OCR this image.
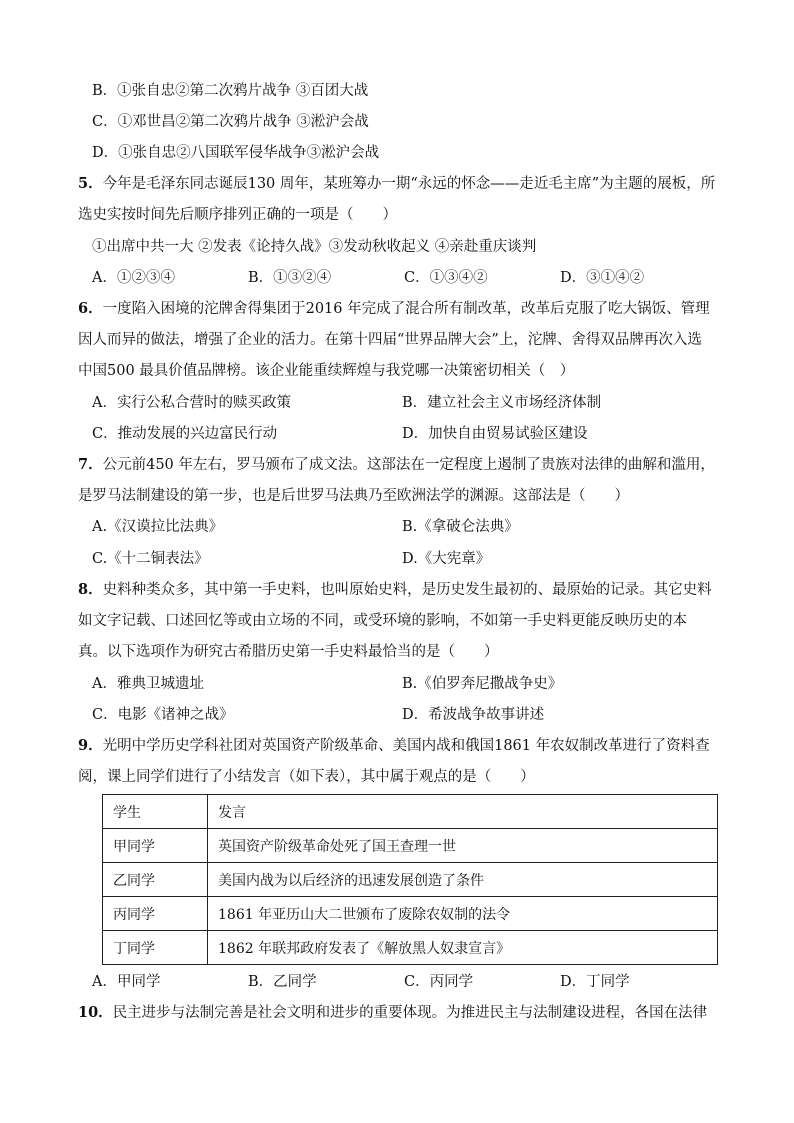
B．①张自忠②第二次鸦片战争 ③百团大战
C．①邓世昌②第二次鸦片战争 ③淞沪会战
D．①张自忠②八国联军侵华战争③淞沪会战
5．今年是毛泽东同志诞辰130 周年，某班筹办一期“永远的怀念——走近毛主席”为主题的展板，所
选史实按时间先后顺序排列正确的一项是（　　）
①出席中共一大 ②发表《论持久战》③发动秋收起义 ④亲赴重庆谈判
A．①②③④	B．①③②④	C．①③④②	D．③①④②
6．一度陷入困境的沱牌舍得集团于2016 年完成了混合所有制改革，改革后克服了吃大锅饭、管理
因人而异的做法，增强了企业的活力。在第十四届“世界品牌大会”上，沱牌、舍得双品牌再次入选
中国500 最具价值品牌榜。该企业能重续辉煌与我党哪一决策密切相关（　）
A．实行公私合营时的赎买政策	B．建立社会主义市场经济体制
C．推动发展的兴边富民行动	D．加快自由贸易试验区建设
7．公元前450 年左右，罗马颁布了成文法。这部法在一定程度上遏制了贵族对法律的曲解和滥用，
是罗马法制建设的第一步，也是后世罗马法典乃至欧洲法学的渊源。这部法是（　　）
A.《汉谟拉比法典》	B.《拿破仑法典》
C.《十二铜表法》	D.《大宪章》
8．史料种类众多，其中第一手史料，也叫原始史料，是历史发生最初的、最原始的记录。其它史料
如文字记载、口述回忆等或由立场的不同，或受环境的影响，不如第一手史料更能反映历史的本
真。以下选项作为研究古希腊历史第一手史料最恰当的是（　　）
A．雅典卫城遗址	B.《伯罗奔尼撒战争史》
C．电影《诸神之战》	D．希波战争故事讲述
9．光明中学历史学科社团对英国资产阶级革命、美国内战和俄国1861 年农奴制改革进行了资料查
阅，课上同学们进行了小结发言（如下表），其中属于观点的是（　　）
学生	发言
甲同学	英国资产阶级革命处死了国王查理一世
乙同学	美国内战为以后经济的迅速发展创造了条件
丙同学	1861 年亚历山大二世颁布了废除农奴制的法令
丁同学	1862 年联邦政府发表了《解放黑人奴隶宣言》
A．甲同学	B．乙同学	C．丙同学	D．丁同学
10．民主进步与法制完善是社会文明和进步的重要体现。为推进民主与法制建设进程，各国在法律
